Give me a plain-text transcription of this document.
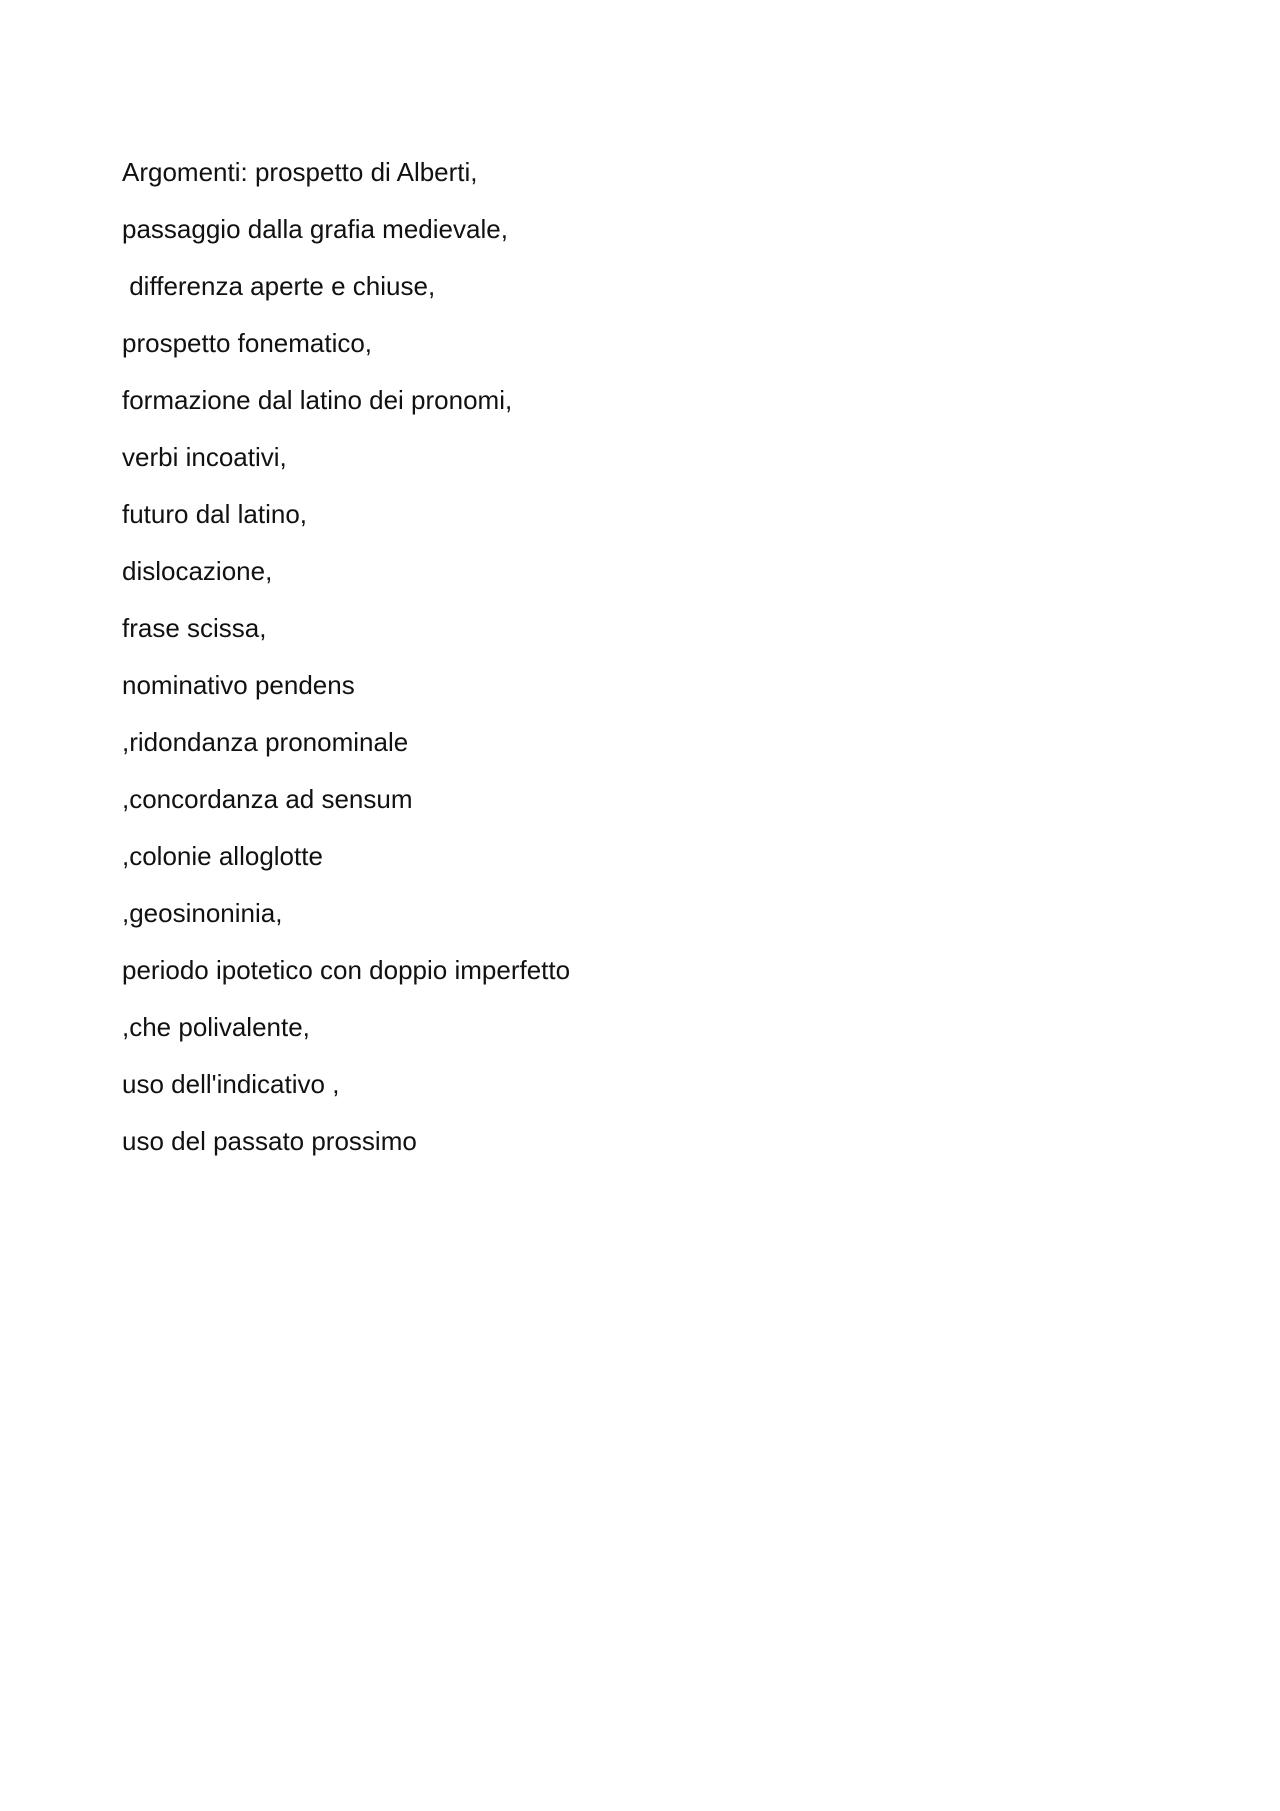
Argomenti: prospetto di Alberti,

passaggio dalla grafia medievale,

differenza aperte e chiuse,

prospetto fonematico,

formazione dal latino dei pronomi,

verbi incoativi,

futuro dal latino,

dislocazione,

frase scissa,

nominativo pendens

,ridondanza pronominale

,concordanza ad sensum

,colonie alloglotte

,geosinoninia,

periodo ipotetico con doppio imperfetto

,che polivalente,

uso dell'indicativo ,

uso del passato prossimo
